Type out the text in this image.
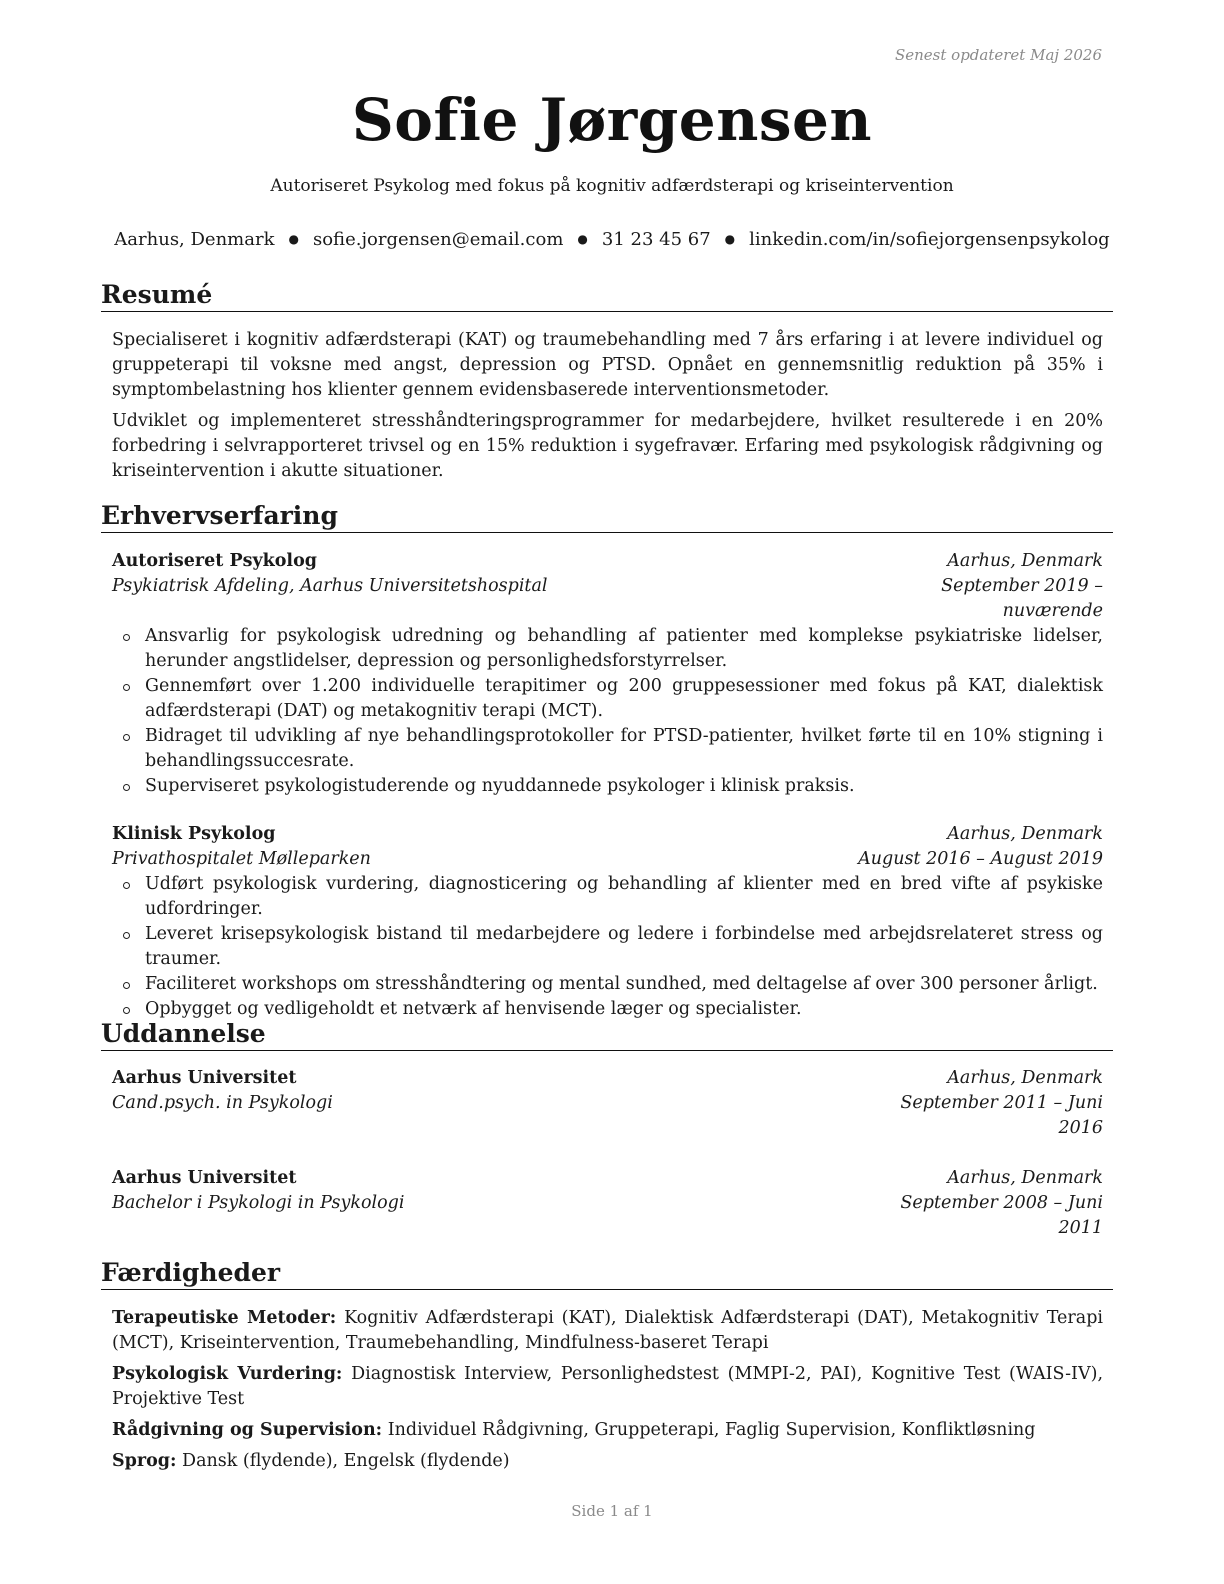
Senest opdateret Maj 2026
Sofie Jørgensen
Autoriseret Psykolog med fokus på kognitiv adfærdsterapi og kriseintervention
Aarhus, Denmark ● sofie.jorgensen@email.com ● 31 23 45 67 ● linkedin.com/in/sofiejorgensenpsykolog
Resumé

Specialiseret i kognitiv adfærdsterapi (KAT) og traumebehandling med 7 års erfaring i at levere individuel og gruppeterapi til voksne med angst, depression og PTSD. Opnået en gennemsnitlig reduktion på 35% i symptombelastning hos klienter gennem evidensbaserede interventionsmetoder.

Udviklet og implementeret stresshåndteringsprogrammer for medarbejdere, hvilket resulterede i en 20% forbedring i selvrapporteret trivsel og en 15% reduktion i sygefravær. Erfaring med psykologisk rådgivning og kriseintervention i akutte situationer.

Erhvervserfaring
Autoriseret Psykolog	Aarhus, Denmark
Psykiatrisk Afdeling, Aarhus Universitetshospital	September 2019 – nuværende
Ansvarlig for psykologisk udredning og behandling af patienter med komplekse psykiatriske lidelser, herunder angstlidelser, depression og personlighedsforstyrrelser.
Gennemført over 1.200 individuelle terapitimer og 200 gruppesessioner med fokus på KAT, dialektisk adfærdsterapi (DAT) og metakognitiv terapi (MCT).
Bidraget til udvikling af nye behandlingsprotokoller for PTSD-patienter, hvilket førte til en 10% stigning i behandlingssuccesrate.
Superviseret psykologistuderende og nyuddannede psykologer i klinisk praksis.
Klinisk Psykolog	Aarhus, Denmark
Privathospitalet Mølleparken	August 2016 – August 2019
Udført psykologisk vurdering, diagnosticering og behandling af klienter med en bred vifte af psykiske udfordringer.
Leveret krisepsykologisk bistand til medarbejdere og ledere i forbindelse med arbejdsrelateret stress og traumer.
Faciliteret workshops om stresshåndtering og mental sundhed, med deltagelse af over 300 personer årligt.
Opbygget og vedligeholdt et netværk af henvisende læger og specialister.
Uddannelse
Aarhus Universitet	Aarhus, Denmark
Cand.psych. in Psykologi	September 2011 – Juni 2016
Aarhus Universitet	Aarhus, Denmark
Bachelor i Psykologi in Psykologi	September 2008 – Juni 2011
Færdigheder

Terapeutiske Metoder: Kognitiv Adfærdsterapi (KAT), Dialektisk Adfærdsterapi (DAT), Metakognitiv Terapi (MCT), Kriseintervention, Traumebehandling, Mindfulness-baseret Terapi

Psykologisk Vurdering: Diagnostisk Interview, Personlighedstest (MMPI-2, PAI), Kognitive Test (WAIS-IV), Projektive Test

Rådgivning og Supervision: Individuel Rådgivning, Gruppeterapi, Faglig Supervision, Konfliktløsning

Sprog: Dansk (flydende), Engelsk (flydende)

Side 1 af 1
